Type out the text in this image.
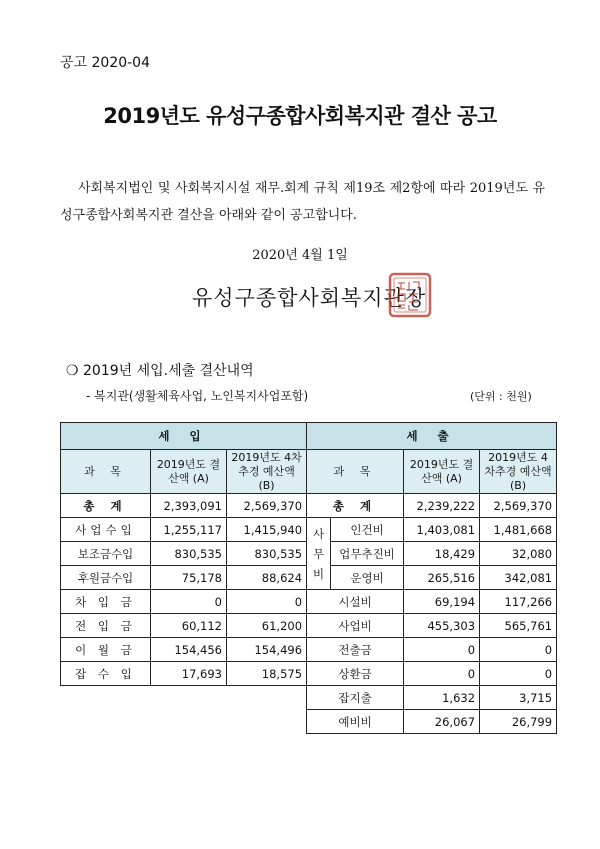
공고 2020-04
2019년도 유성구종합사회복지관 결산 공고
사회복지법인 및 사회복지시설 재무.회계 규칙 제19조 제2항에 따라 2019년도 유성구종합사회복지관 결산을 아래와 같이 공고합니다.
2020년 4월 1일
유성구종합사회복지관장
❍ 2019년 세입.세출 결산내역
- 복지관(생활체육사업, 노인복지사업포함)	(단위 : 천원)
세 입			세 출			
과 목	2019년도 결산액 (A)	2019년도 4차추경 예산액 (B)	과 목		2019년도 결산액 (A)	2019년도 4차추경 예산액 (B)
총 계	2,393,091	2,569,370	총 계		2,239,222	2,569,370
사업수입	1,255,117	1,415,940	사 무 비	인건비	1,403,081	1,481,668
보조금수입	830,535	830,535		업무추진비	18,429	32,080
후원금수입	75,178	88,624		운영비	265,516	342,081
차 입 금	0	0	시설비		69,194	117,266
전 입 금	60,112	61,200	사업비		455,303	565,761
이 월 금	154,456	154,496	전출금		0	0
잡 수 입	17,693	18,575	상환금		0	0
			잡지출		1,632	3,715
			예비비		26,067	26,799
